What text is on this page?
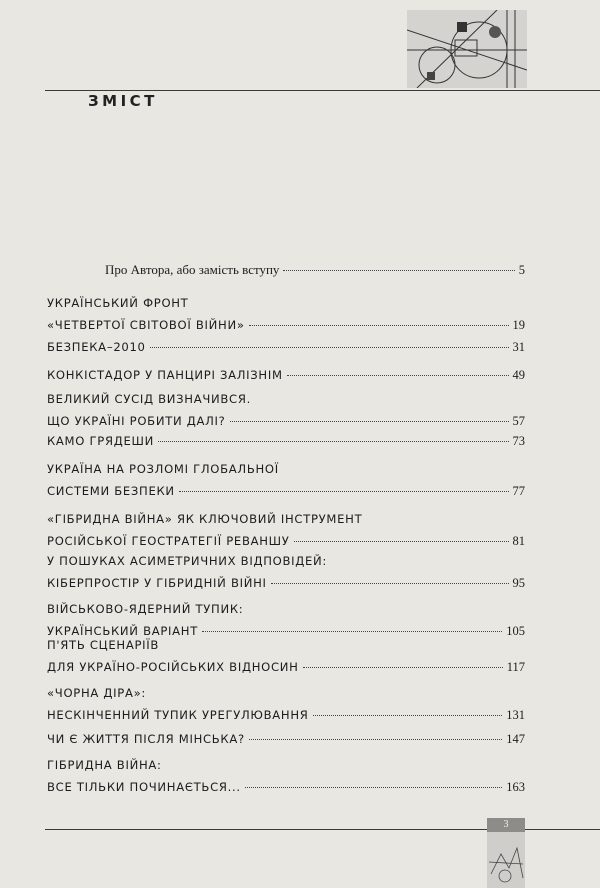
ЗМІСТ
Про Автора, або замість вступу	5
УКРАЇНСЬКИЙ ФРОНТ
«ЧЕТВЕРТОЇ СВІТОВОЇ ВІЙНИ»	19
БЕЗПЕКА–2010	31
КОНКІСТАДОР У ПАНЦИРІ ЗАЛІЗНІМ	49
ВЕЛИКИЙ СУСІД ВИЗНАЧИВСЯ.
ЩО УКРАЇНІ РОБИТИ ДАЛІ?	57
КАМО ГРЯДЕШИ	73
УКРАЇНА НА РОЗЛОМІ ГЛОБАЛЬНОЇ
СИСТЕМИ БЕЗПЕКИ	77
«ГІБРИДНА ВІЙНА» ЯК КЛЮЧОВИЙ ІНСТРУМЕНТ
РОСІЙСЬКОЇ ГЕОСТРАТЕГІЇ РЕВАНШУ	81
У ПОШУКАХ АСИМЕТРИЧНИХ ВІДПОВІДЕЙ:
КІБЕРПРОСТІР У ГІБРИДНІЙ ВІЙНІ	95
ВІЙСЬКОВО-ЯДЕРНИЙ ТУПИК:
УКРАЇНСЬКИЙ ВАРІАНТ	105
П'ЯТЬ СЦЕНАРІЇВ
ДЛЯ УКРАЇНО-РОСІЙСЬКИХ ВІДНОСИН	117
«ЧОРНА ДІРА»:
НЕСКІНЧЕННИЙ ТУПИК УРЕГУЛЮВАННЯ	131
ЧИ Є ЖИТТЯ ПІСЛЯ МІНСЬКА?	147
ГІБРИДНА ВІЙНА:
ВСЕ ТІЛЬКИ ПОЧИНАЄТЬСЯ...	163
3
